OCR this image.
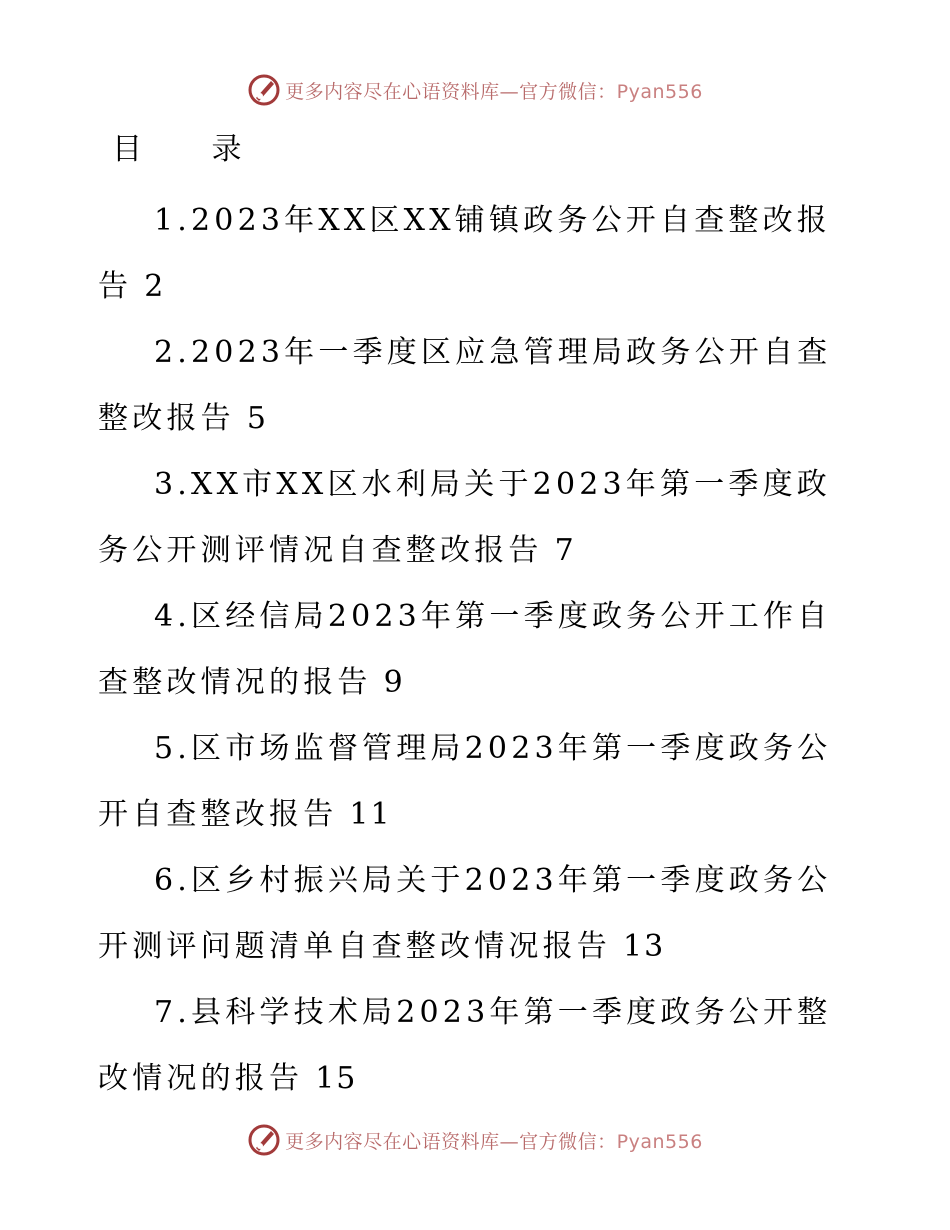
更多内容尽在心语资料库—官方微信：Pyan556
目 录
1.2023年XX区XX铺镇政务公开自查整改报告 2
2.2023年一季度区应急管理局政务公开自查整改报告 5
3.XX市XX区水利局关于2023年第一季度政务公开测评情况自查整改报告 7
4.区经信局2023年第一季度政务公开工作自查整改情况的报告 9
5.区市场监督管理局2023年第一季度政务公开自查整改报告 11
6.区乡村振兴局关于2023年第一季度政务公开测评问题清单自查整改情况报告 13
7.县科学技术局2023年第一季度政务公开整改情况的报告 15
更多内容尽在心语资料库—官方微信：Pyan556
